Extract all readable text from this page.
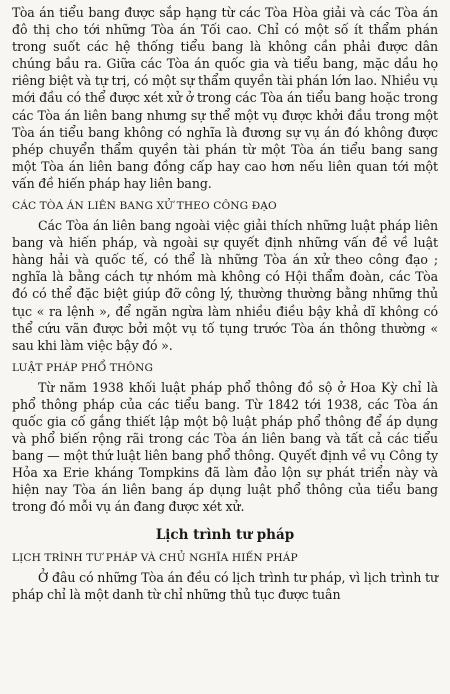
Tòa án tiểu bang được sắp hạng từ các Tòa Hòa giải và các Tòa án đô thị cho tới những Tòa án Tối cao. Chỉ có một số ít thẩm phán trong suốt các hệ thống tiểu bang là không cần phải được dân chúng bầu ra. Giữa các Tòa án quốc gia và tiểu bang, mặc dầu họ riêng biệt và tự trị, có một sự thẩm quyền tài phán lớn lao. Nhiều vụ mới đầu có thể được xét xử ở trong các Tòa án tiểu bang hoặc trong các Tòa án liên bang nhưng sự thể một vụ được khởi đầu trong một Tòa án tiểu bang không có nghĩa là đương sự vụ án đó không được phép chuyển thẩm quyền tài phán từ một Tòa án tiểu bang sang một Tòa án liên bang đồng cấp hay cao hơn nếu liên quan tới một vấn đề hiến pháp hay liên bang.

CÁC TÒA ÁN LIÊN BANG XỬ THEO CÔNG ĐẠO

Các Tòa án liên bang ngoài việc giải thích những luật pháp liên bang và hiến pháp, và ngoài sự quyết định những vấn đề về luật hàng hải và quốc tế, có thể là những Tòa án xử theo công đạo ; nghĩa là bằng cách tự nhóm mà không có Hội thẩm đoàn, các Tòa đó có thể đặc biệt giúp đỡ công lý, thường thường bằng những thủ tục « ra lệnh », để ngăn ngừa làm nhiều điều bậy khả dĩ không có thể cứu vãn được bởi một vụ tố tụng trước Tòa án thông thường « sau khi làm việc bậy đó ».

LUẬT PHÁP PHỔ THÔNG

Từ năm 1938 khối luật pháp phổ thông đồ sộ ở Hoa Kỳ chỉ là phổ thông pháp của các tiểu bang. Từ 1842 tới 1938, các Tòa án quốc gia cố gắng thiết lập một bộ luật pháp phổ thông để áp dụng và phổ biến rộng rãi trong các Tòa án liên bang và tất cả các tiểu bang — một thứ luật liên bang phổ thông. Quyết định về vụ Công ty Hỏa xa Erie kháng Tompkins đã làm đảo lộn sự phát triển này và hiện nay Tòa án liên bang áp dụng luật phổ thông của tiểu bang trong đó mỗi vụ án đang được xét xử.

Lịch trình tư pháp
LỊCH TRÌNH TƯ PHÁP VÀ CHỦ NGHĨA HIẾN PHÁP

Ở đâu có những Tòa án đều có lịch trình tư pháp, vì lịch trình tư pháp chỉ là một danh từ chỉ những thủ tục được tuân
